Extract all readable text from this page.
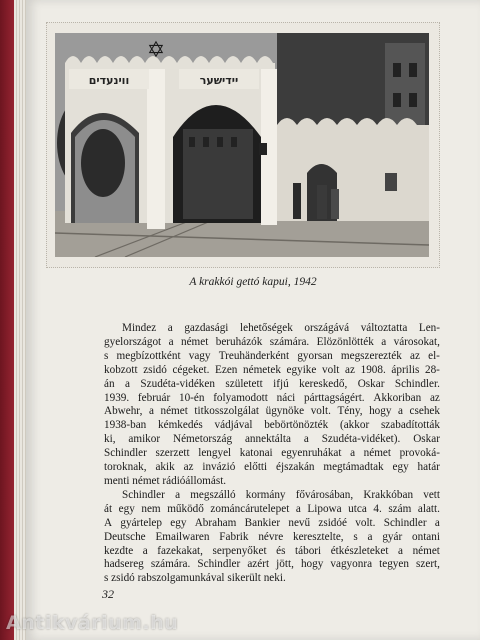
ווינעדים	יידישער
✡
A krakkói gettó kapui, 1942
Mindez a gazdasági lehetőségek országává változtatta Len-
gyelországot a német beruházók számára. Elözönlötték a városokat,
s megbízottként vagy Treuhänderként gyorsan megszerezték az el-
kobzott zsidó cégeket. Ezen németek egyike volt az 1908. április 28-
án a Szudéta-vidéken született ifjú kereskedő, Oskar Schindler.
1939. február 10-én folyamodott náci párttagságért. Akkoriban az
Abwehr, a német titkosszolgálat ügynöke volt. Tény, hogy a csehek
1938-ban kémkedés vádjával bebörtönözték (akkor szabadították
ki, amikor Németország annektálta a Szudéta-vidéket). Oskar
Schindler szerzett lengyel katonai egyenruhákat a német provoká-
toroknak, akik az invázió előtti éjszakán megtámadtak egy határ
menti német rádióállomást.
Schindler a megszálló kormány fővárosában, Krakkóban vett
át egy nem működő zománcárutelepet a Lipowa utca 4. szám alatt.
A gyártelep egy Abraham Bankier nevű zsidóé volt. Schindler a
Deutsche Emailwaren Fabrik névre keresztelte, s a gyár ontani
kezdte a fazekakat, serpenyőket és tábori étkészleteket a német
hadsereg számára. Schindler azért jött, hogy vagyonra tegyen szert,
s zsidó rabszolgamunkával sikerült neki.
32
Antikvárium.hu
